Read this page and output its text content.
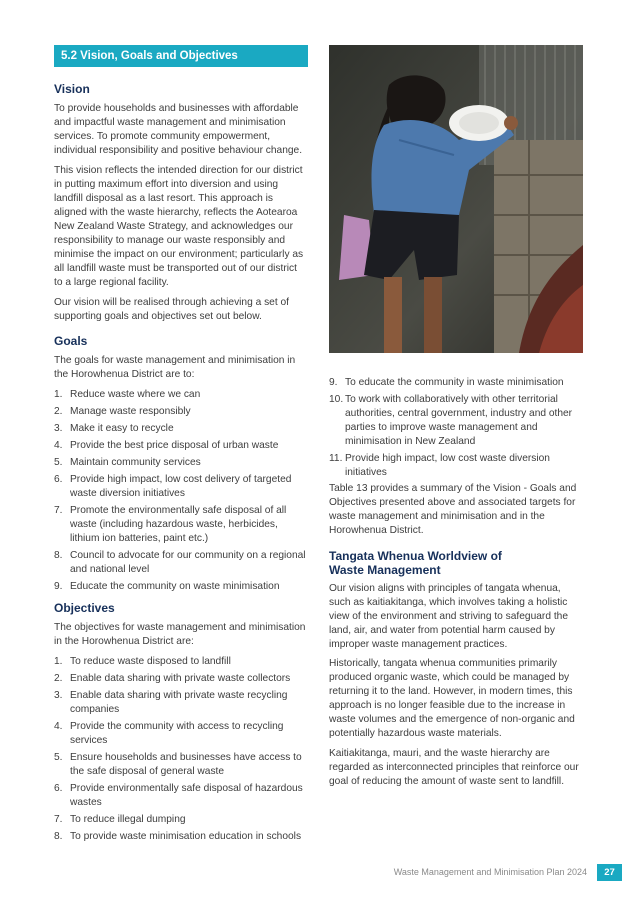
5.2 Vision, Goals and Objectives
Vision

To provide households and businesses with affordable and impactful waste management and minimisation services. To promote community empowerment, individual responsibility and positive behaviour change.

This vision reflects the intended direction for our district in putting maximum effort into diversion and using landfill disposal as a last resort. This approach is aligned with the waste hierarchy, reflects the Aotearoa New Zealand Waste Strategy, and acknowledges our responsibility to manage our waste responsibly and minimise the impact on our environment; particularly as all landfill waste must be transported out of our district to a large regional facility.

Our vision will be realised through achieving a set of supporting goals and objectives set out below.

Goals

The goals for waste management and minimisation in the Horowhenua District are to:

1. Reduce waste where we can
2. Manage waste responsibly
3. Make it easy to recycle
4. Provide the best price disposal of urban waste
5. Maintain community services
6. Provide high impact, low cost delivery of targeted waste diversion initiatives
7. Promote the environmentally safe disposal of all waste (including hazardous waste, herbicides, lithium ion batteries, paint etc.)
8. Council to advocate for our community on a regional and national level
9. Educate the community on waste minimisation
Objectives

The objectives for waste management and minimisation in the Horowhenua District are:

1. To reduce waste disposed to landfill
2. Enable data sharing with private waste collectors
3. Enable data sharing with private waste recycling companies
4. Provide the community with access to recycling services
5. Ensure households and businesses have access to the safe disposal of general waste
6. Provide environmentally safe disposal of hazardous wastes
7. To reduce illegal dumping
8. To provide waste minimisation education in schools
9. To educate the community in waste minimisation
10. To work with collaboratively with other territorial authorities, central government, industry and other parties to improve waste management and minimisation in New Zealand
11. Provide high impact, low cost waste diversion initiatives

Table 13 provides a summary of the Vision - Goals and Objectives presented above and associated targets for waste management and minimisation and in the Horowhenua District.

Tangata Whenua Worldview of Waste Management

Our vision aligns with principles of tangata whenua, such as kaitiakitanga, which involves taking a holistic view of the environment and striving to safeguard the land, air, and water from potential harm caused by improper waste management practices.

Historically, tangata whenua communities primarily produced organic waste, which could be managed by returning it to the land. However, in modern times, this approach is no longer feasible due to the increase in waste volumes and the emergence of non-organic and potentially hazardous waste materials.

Kaitiakitanga, mauri, and the waste hierarchy are regarded as interconnected principles that reinforce our goal of reducing the amount of waste sent to landfill.

Waste Management and Minimisation Plan 2024	27
